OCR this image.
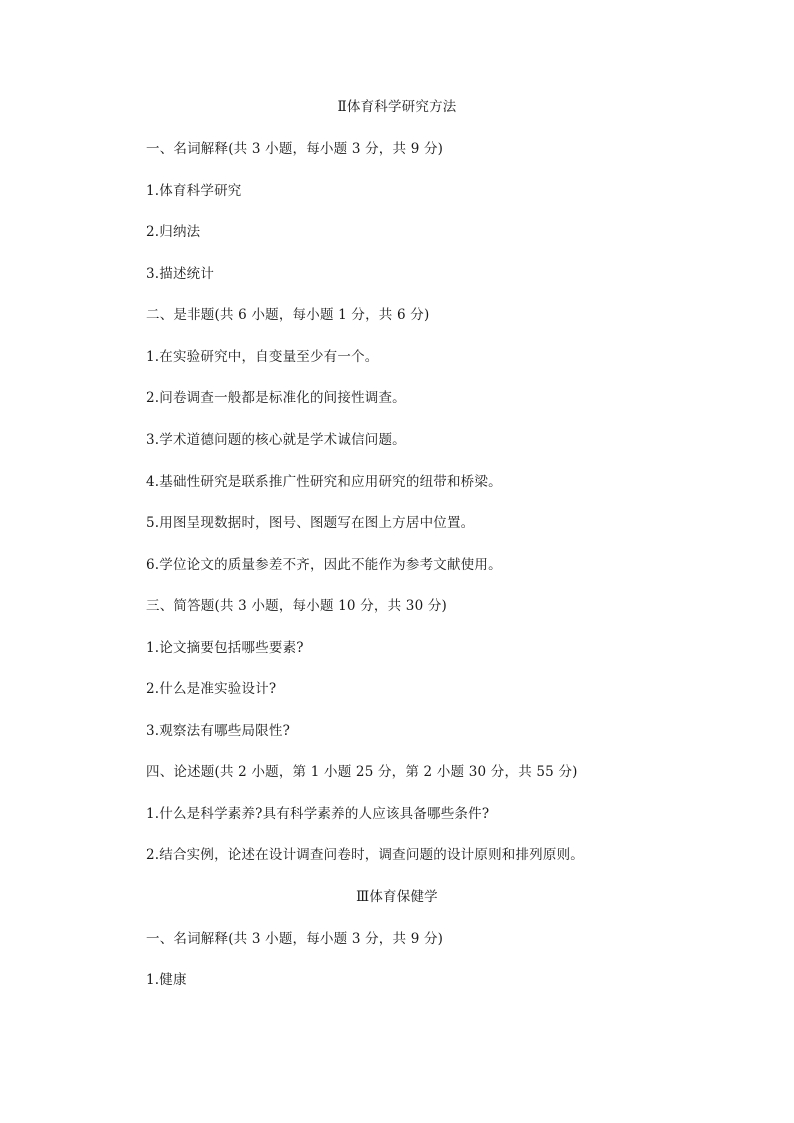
Ⅱ体育科学研究方法
一、名词解释(共 3 小题，每小题 3 分，共 9 分)
1.体育科学研究
2.归纳法
3.描述统计
二、是非题(共 6 小题，每小题 1 分，共 6 分)
1.在实验研究中，自变量至少有一个。
2.问卷调查一般都是标准化的间接性调查。
3.学术道德问题的核心就是学术诚信问题。
4.基础性研究是联系推广性研究和应用研究的纽带和桥梁。
5.用图呈现数据时，图号、图题写在图上方居中位置。
6.学位论文的质量参差不齐，因此不能作为参考文献使用。
三、简答题(共 3 小题，每小题 10 分，共 30 分)
1.论文摘要包括哪些要素?
2.什么是准实验设计?
3.观察法有哪些局限性?
四、论述题(共 2 小题，第 1 小题 25 分，第 2 小题 30 分，共 55 分)
1.什么是科学素养?具有科学素养的人应该具备哪些条件?
2.结合实例，论述在设计调查问卷时，调查问题的设计原则和排列原则。
Ⅲ体育保健学
一、名词解释(共 3 小题，每小题 3 分，共 9 分)
1.健康
